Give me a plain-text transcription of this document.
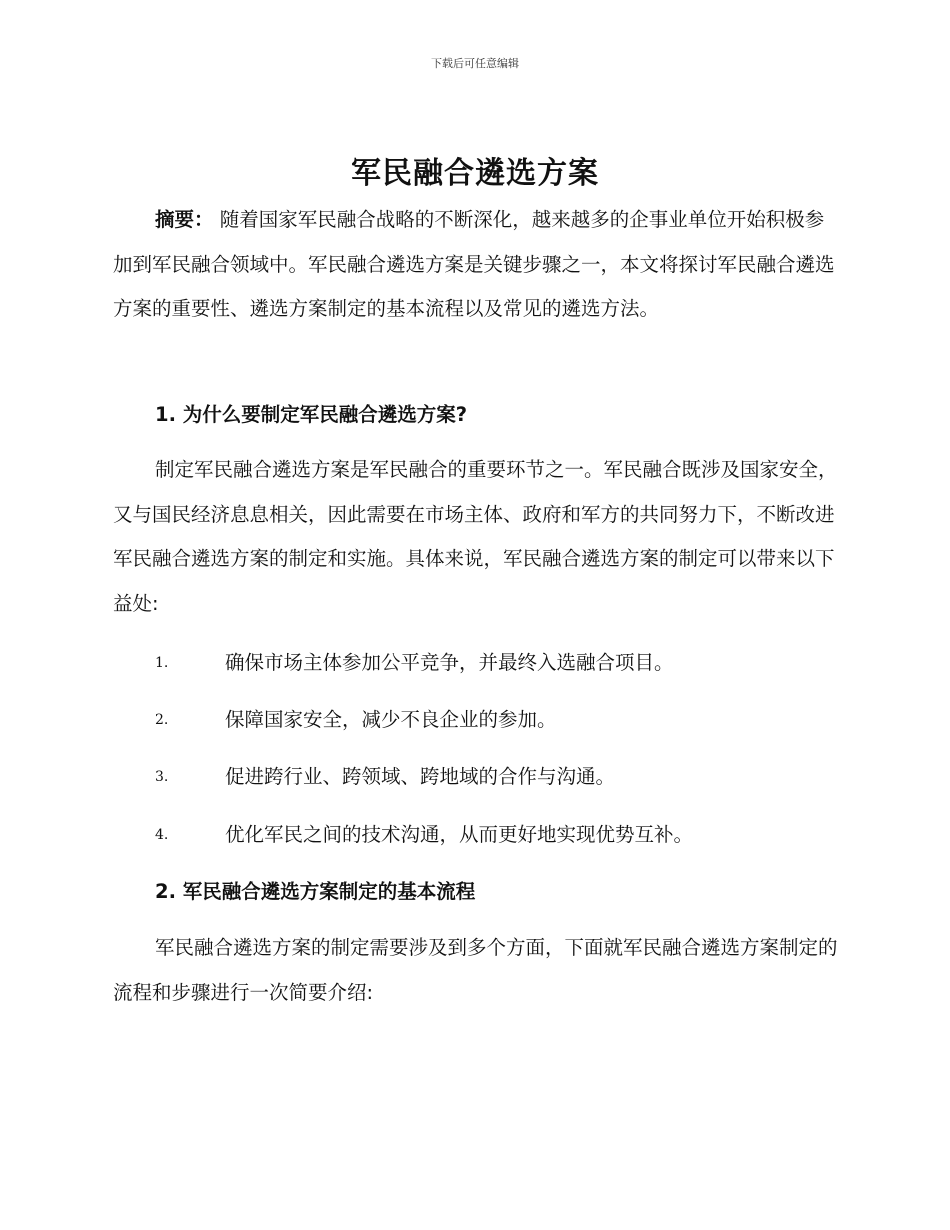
下载后可任意编辑
军民融合遴选方案

摘要： 随着国家军民融合战略的不断深化，越来越多的企事业单位开始积极参加到军民融合领域中。军民融合遴选方案是关键步骤之一，本文将探讨军民融合遴选方案的重要性、遴选方案制定的基本流程以及常见的遴选方法。

1. 为什么要制定军民融合遴选方案?

制定军民融合遴选方案是军民融合的重要环节之一。军民融合既涉及国家安全，又与国民经济息息相关，因此需要在市场主体、政府和军方的共同努力下，不断改进军民融合遴选方案的制定和实施。具体来说，军民融合遴选方案的制定可以带来以下益处:

1.	确保市场主体参加公平竞争，并最终入选融合项目。
2.	保障国家安全，减少不良企业的参加。
3.	促进跨行业、跨领域、跨地域的合作与沟通。
4.	优化军民之间的技术沟通，从而更好地实现优势互补。
2. 军民融合遴选方案制定的基本流程

军民融合遴选方案的制定需要涉及到多个方面，下面就军民融合遴选方案制定的流程和步骤进行一次简要介绍:
